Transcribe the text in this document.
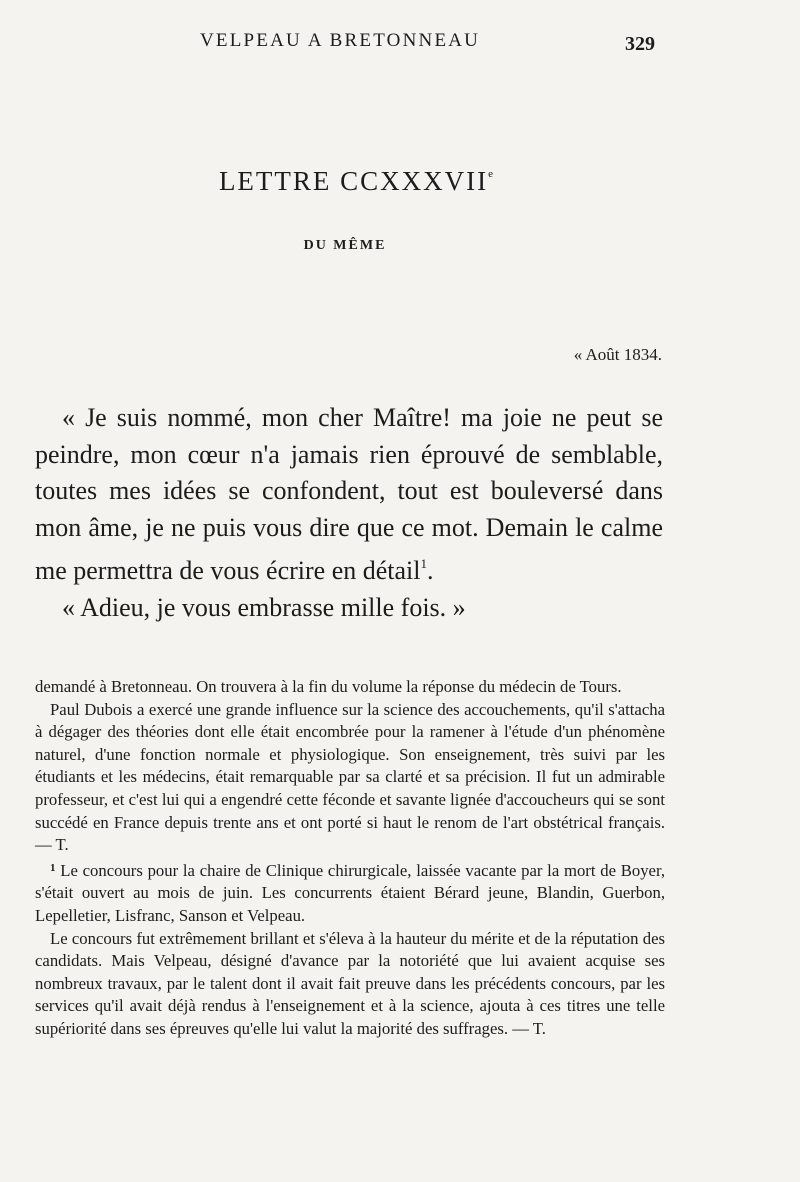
VELPEAU A BRETONNEAU	329
LETTRE CCXXXVIIe
DU MÊME
« Août 1834.

« Je suis nommé, mon cher Maître! ma joie ne peut se peindre, mon cœur n'a jamais rien éprouvé de semblable, toutes mes idées se confondent, tout est bouleversé dans mon âme, je ne puis vous dire que ce mot. Demain le calme me permettra de vous écrire en détail$^1$.

« Adieu, je vous embrasse mille fois. »

demandé à Bretonneau. On trouvera à la fin du volume la réponse du médecin de Tours.

Paul Dubois a exercé une grande influence sur la science des accouchements, qu'il s'attacha à dégager des théories dont elle était encombrée pour la ramener à l'étude d'un phénomène naturel, d'une fonction normale et physiologique. Son enseignement, très suivi par les étudiants et les médecins, était remarquable par sa clarté et sa précision. Il fut un admirable professeur, et c'est lui qui a engendré cette féconde et savante lignée d'accoucheurs qui se sont succédé en France depuis trente ans et ont porté si haut le renom de l'art obstétrical français. — T.

$^1$ Le concours pour la chaire de Clinique chirurgicale, laissée vacante par la mort de Boyer, s'était ouvert au mois de juin. Les concurrents étaient Bérard jeune, Blandin, Guerbon, Lepelletier, Lisfranc, Sanson et Velpeau.

Le concours fut extrêmement brillant et s'éleva à la hauteur du mérite et de la réputation des candidats. Mais Velpeau, désigné d'avance par la notoriété que lui avaient acquise ses nombreux travaux, par le talent dont il avait fait preuve dans les précédents concours, par les services qu'il avait déjà rendus à l'enseignement et à la science, ajouta à ces titres une telle supériorité dans ses épreuves qu'elle lui valut la majorité des suffrages. — T.
